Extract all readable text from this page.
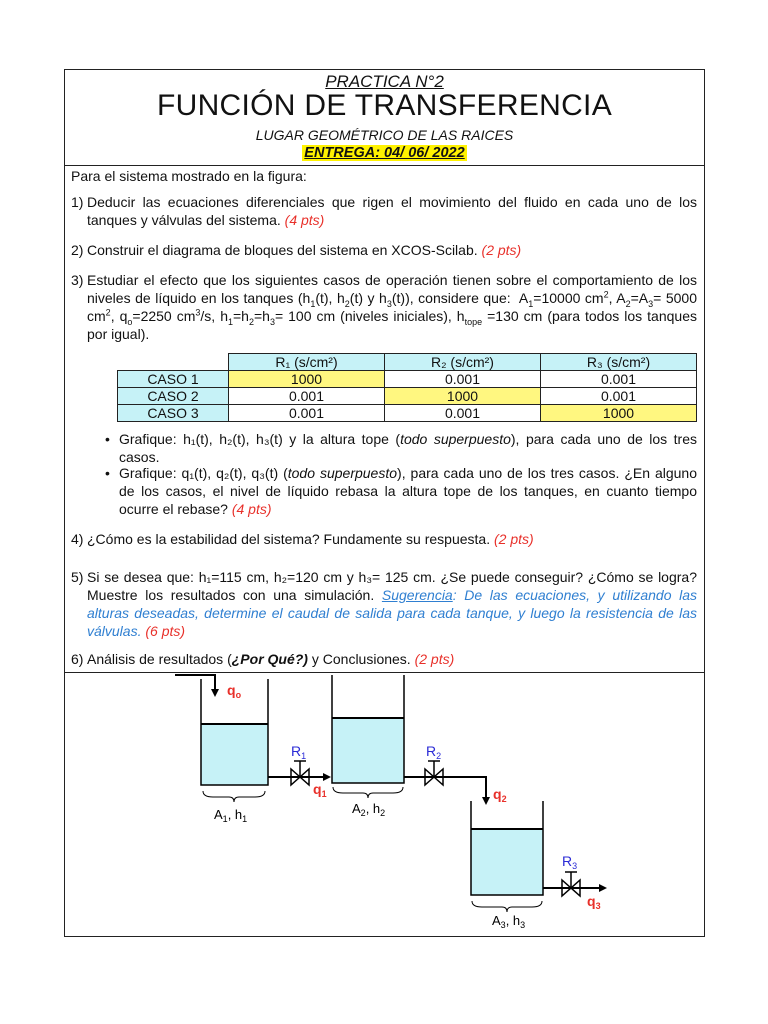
PRACTICA N°2
FUNCIÓN DE TRANSFERENCIA
LUGAR GEOMÉTRICO DE LAS RAICES
ENTREGA: 04/ 06/ 2022
Para el sistema mostrado en la figura:
1) Deducir las ecuaciones diferenciales que rigen el movimiento del fluido en cada uno de los tanques y válvulas del sistema. (4 pts)
2) Construir el diagrama de bloques del sistema en XCOS-Scilab. (2 pts)
3) Estudiar el efecto que los siguientes casos de operación tienen sobre el comportamiento de los niveles de líquido en los tanques ($h_1(t)$, $h_2(t)$ y $h_3(t)$), considere que:  $A_1=10000$ $cm^2$, $A_2=A_3= 5000$ $cm^2$, $q_o=2250$ $cm^3/s$, $h_1=h_2=h_3= 100$ cm (niveles iniciales), $h_{tope} =130$ cm (para todos los tanques por igual).
	R₁ (s/cm²)	R₂ (s/cm²)	R₃ (s/cm²)
CASO 1	1000	0.001	0.001
CASO 2	0.001	1000	0.001
CASO 3	0.001	0.001	1000
• Grafique: h₁(t), h₂(t), h₃(t) y la altura tope (todo superpuesto), para cada uno de los tres casos.
• Grafique: q₁(t), q₂(t), q₃(t) (todo superpuesto), para cada uno de los tres casos. ¿En alguno de los casos, el nivel de líquido rebasa la altura tope de los tanques, en cuanto tiempo ocurre el rebase? (4 pts)
4) ¿Cómo es la estabilidad del sistema? Fundamente su respuesta. (2 pts)
5) Si se desea que: h₁=115 cm, h₂=120 cm y h₃= 125 cm. ¿Se puede conseguir? ¿Cómo se logra? Muestre los resultados con una simulación. Sugerencia: De las ecuaciones, y utilizando las alturas deseadas, determine el caudal de salida para cada tanque, y luego la resistencia de las válvulas. (6 pts)
6) Análisis de resultados (¿Por Qué?) y Conclusiones. (2 pts)
$q_o$
$A_1$, $h_1$
$R_1$
$q_1$
$A_2$, $h_2$
$R_2$
$q_2$
$A_3$, $h_3$
$R_3$
$q_3$
